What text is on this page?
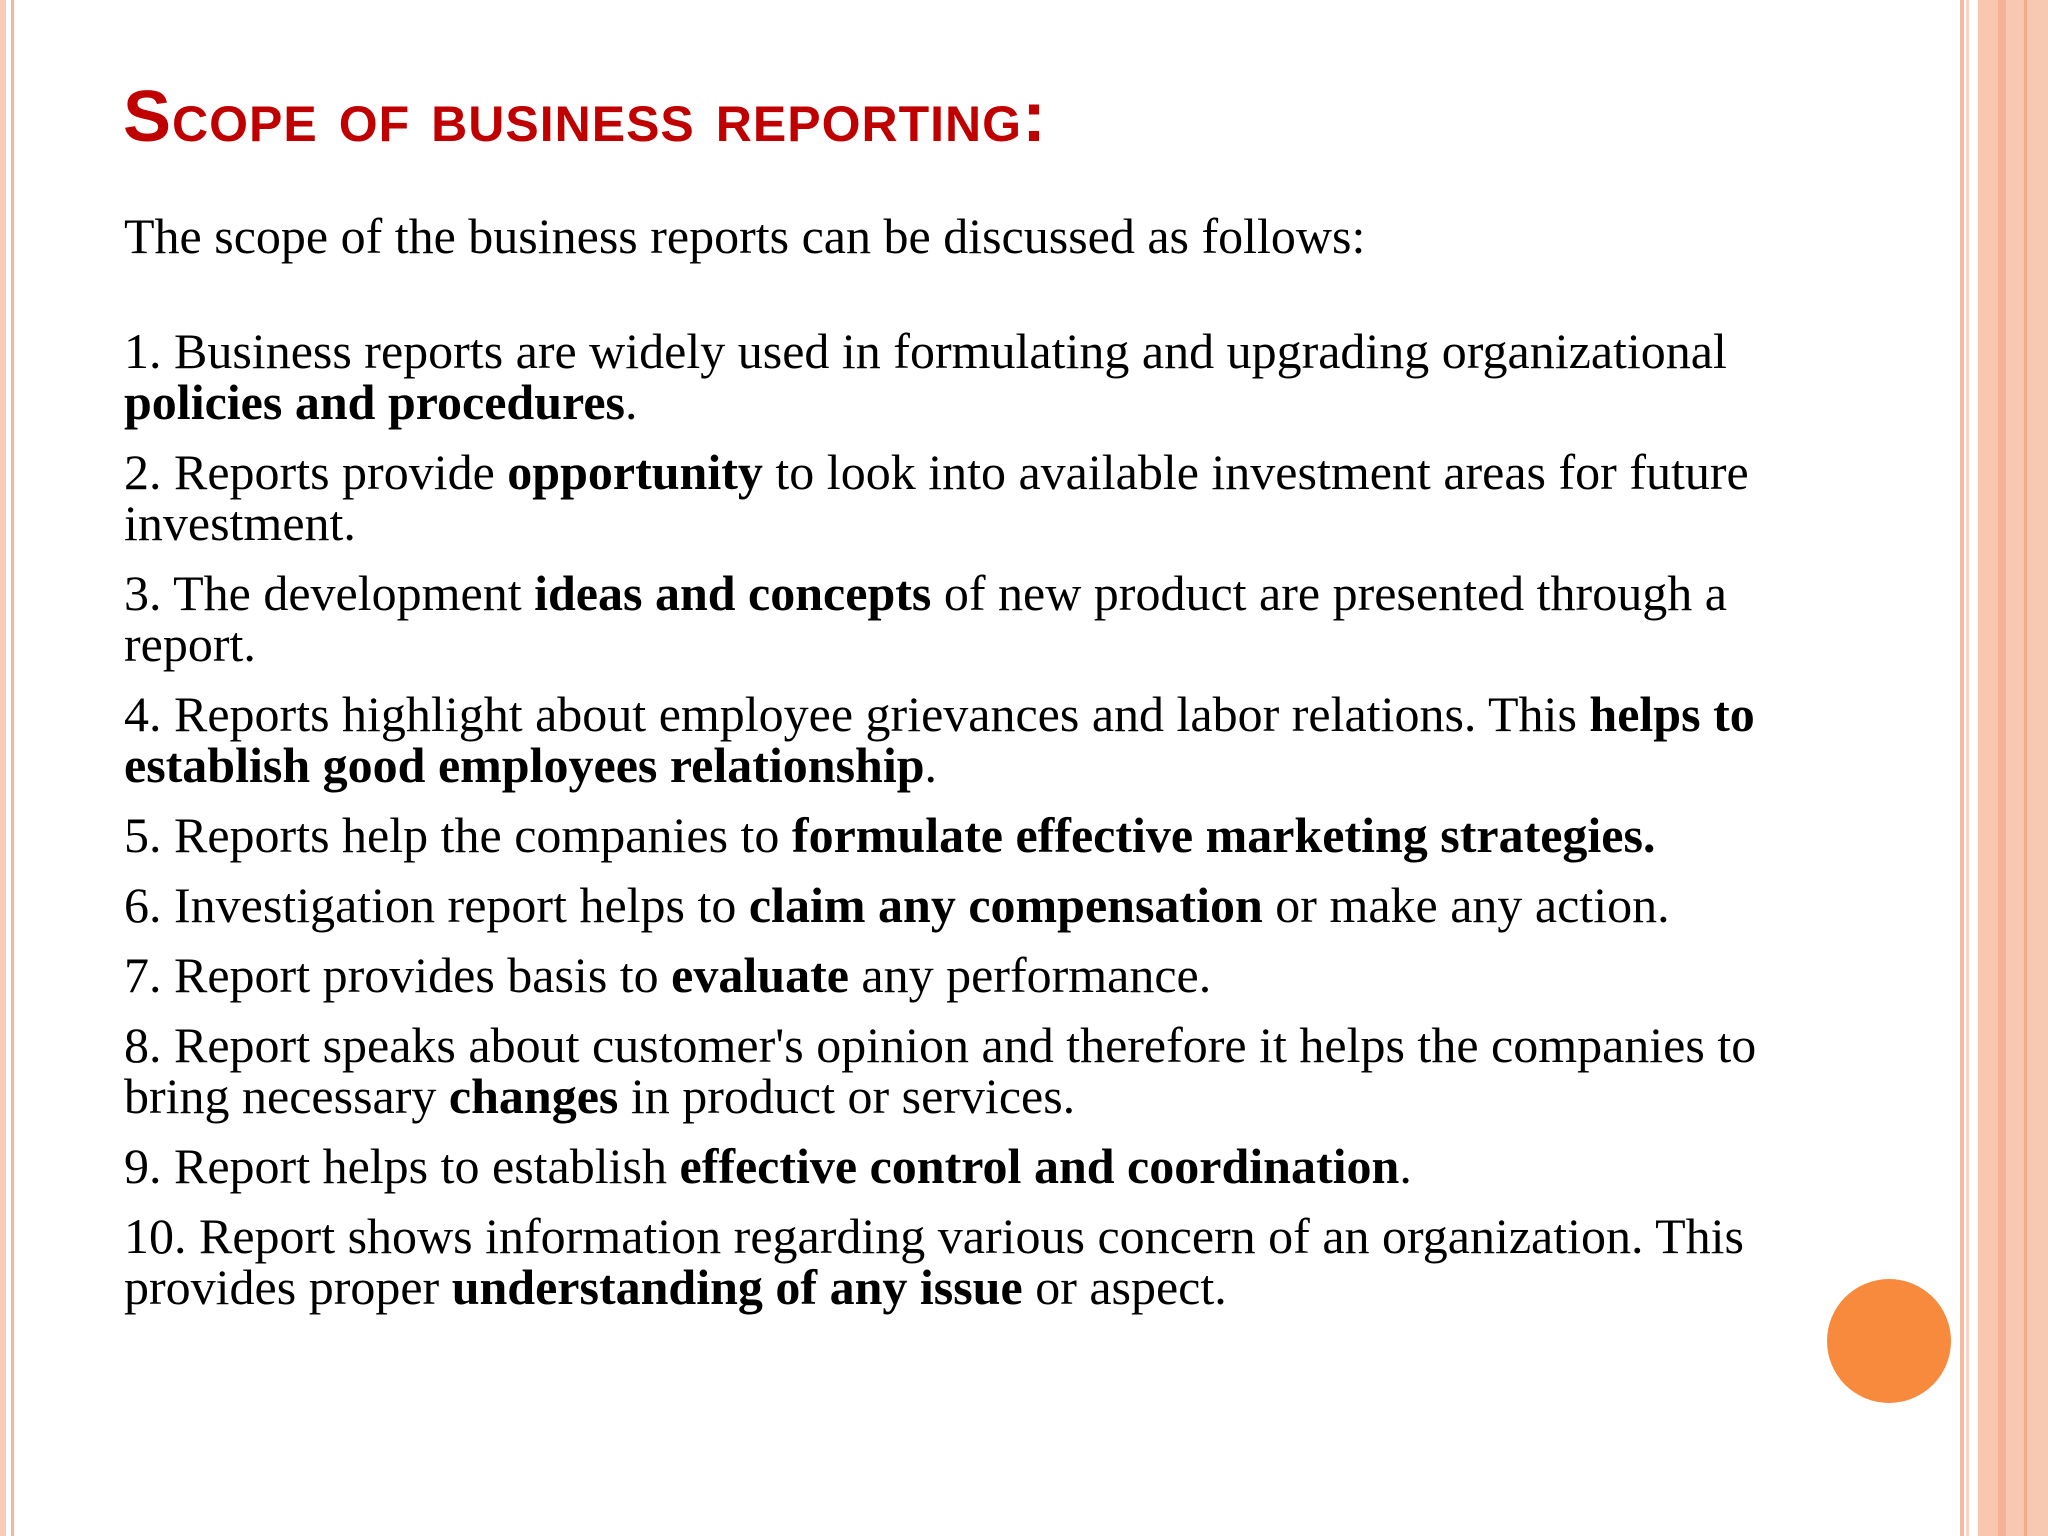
Scope of business reporting:

The scope of the business reports can be discussed as follows:

1. Business reports are widely used in formulating and upgrading organizational policies and procedures.
2. Reports provide opportunity to look into available investment areas for future investment.
3. The development ideas and concepts of new product are presented through a report.
4. Reports highlight about employee grievances and labor relations. This helps to establish good employees relationship.
5. Reports help the companies to formulate effective marketing strategies.
6. Investigation report helps to claim any compensation or make any action.
7. Report provides basis to evaluate any performance.
8. Report speaks about customer's opinion and therefore it helps the companies to bring necessary changes in product or services.
9. Report helps to establish effective control and coordination.
10. Report shows information regarding various concern of an organization. This provides proper understanding of any issue or aspect.
